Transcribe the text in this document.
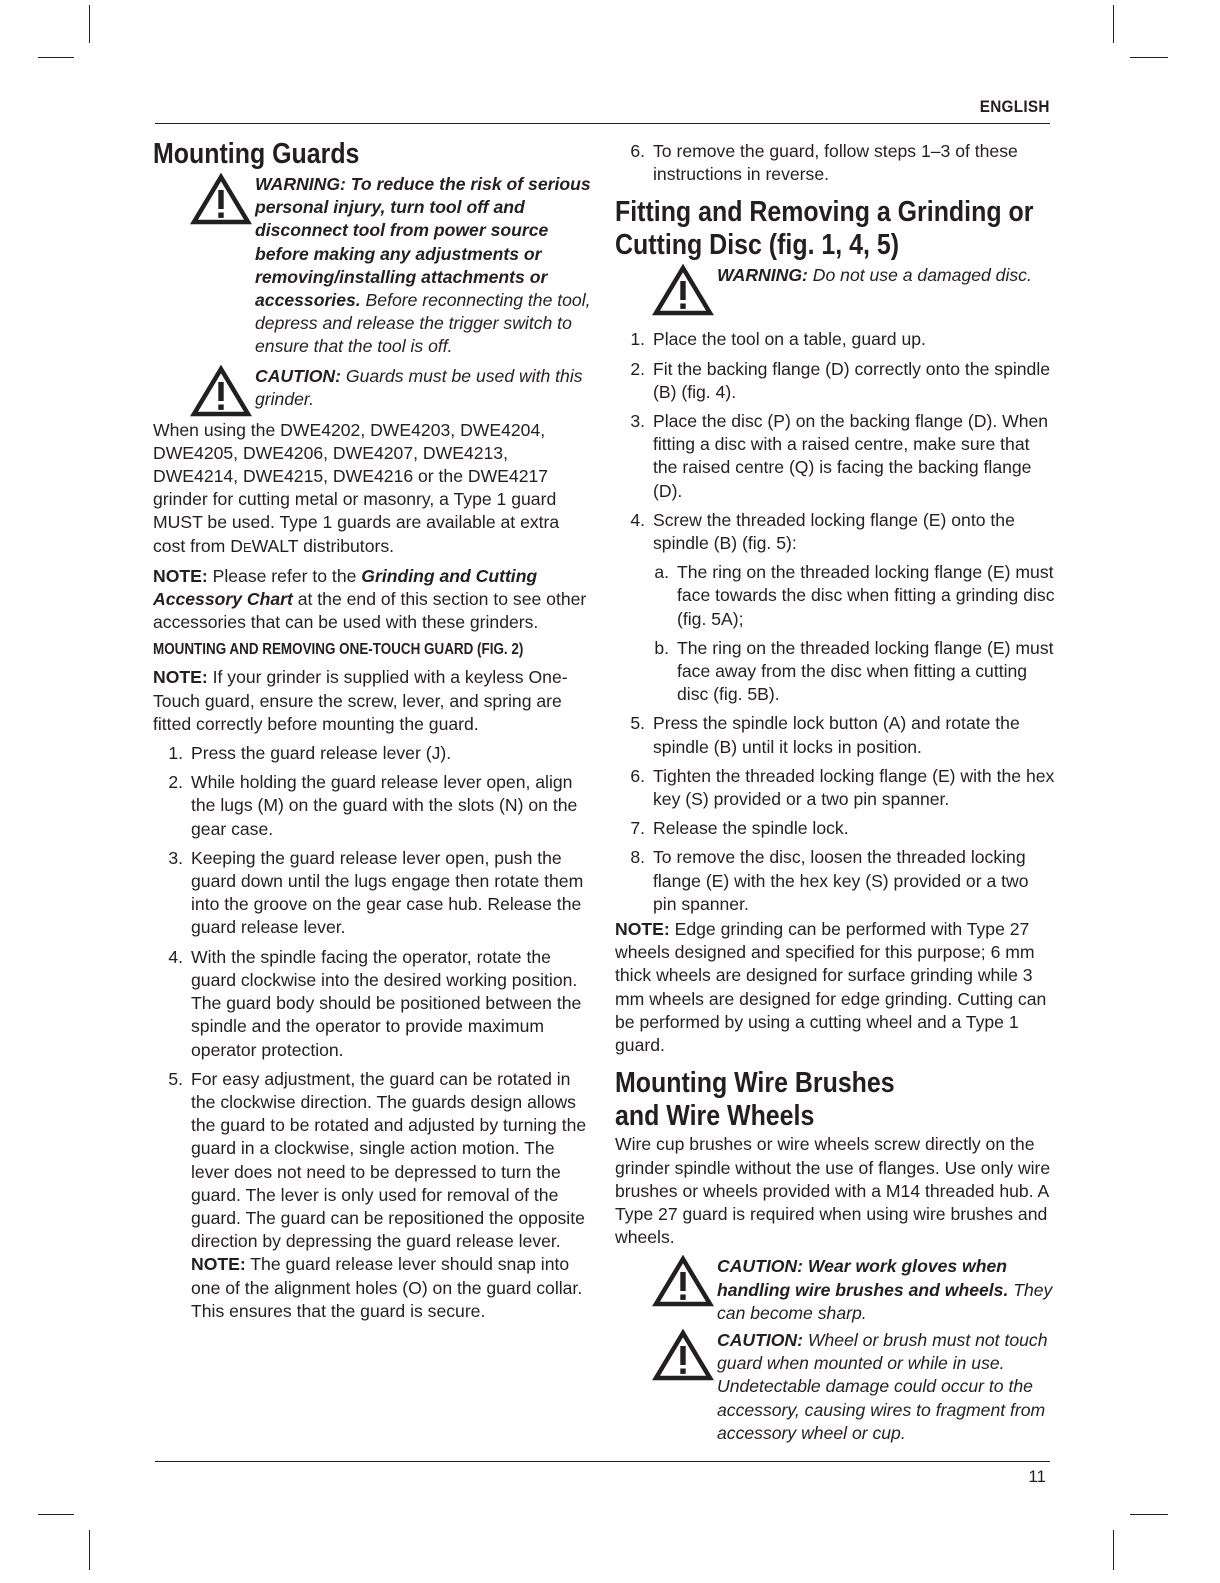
ENGLISH
Mounting Guards
WARNING: To reduce the risk of serious personal injury, turn tool off and disconnect tool from power source before making any adjustments or removing/installing attachments or accessories. Before reconnecting the tool, depress and release the trigger switch to ensure that the tool is off.
CAUTION: Guards must be used with this grinder.

When using the DWE4202, DWE4203, DWE4204, DWE4205, DWE4206, DWE4207, DWE4213, DWE4214, DWE4215, DWE4216 or the DWE4217 grinder for cutting metal or masonry, a Type 1 guard MUST be used. Type 1 guards are available at extra cost from DEWALT distributors.

NOTE: Please refer to the Grinding and Cutting Accessory Chart at the end of this section to see other accessories that can be used with these grinders.

MOUNTING AND REMOVING ONE-TOUCH GUARD (FIG. 2)

NOTE: If your grinder is supplied with a keyless One-Touch guard, ensure the screw, lever, and spring are fitted correctly before mounting the guard.

1. Press the guard release lever (J).
2. While holding the guard release lever open, align the lugs (M) on the guard with the slots (N) on the gear case.
3. Keeping the guard release lever open, push the guard down until the lugs engage then rotate them into the groove on the gear case hub. Release the guard release lever.
4. With the spindle facing the operator, rotate the guard clockwise into the desired working position. The guard body should be positioned between the spindle and the operator to provide maximum operator protection.
5. For easy adjustment, the guard can be rotated in the clockwise direction. The guards design allows the guard to be rotated and adjusted by turning the guard in a clockwise, single action motion. The lever does not need to be depressed to turn the guard. The lever is only used for removal of the guard. The guard can be repositioned the opposite direction by depressing the guard release lever. NOTE: The guard release lever should snap into one of the alignment holes (O) on the guard collar. This ensures that the guard is secure.
6. To remove the guard, follow steps 1–3 of these instructions in reverse.
Fitting and Removing a Grinding or
Cutting Disc (fig. 1, 4, 5)
WARNING: Do not use a damaged disc.
1. Place the tool on a table, guard up.
2. Fit the backing flange (D) correctly onto the spindle (B) (fig. 4).
3. Place the disc (P) on the backing flange (D). When fitting a disc with a raised centre, make sure that the raised centre (Q) is facing the backing flange (D).
4. Screw the threaded locking flange (E) onto the spindle (B) (fig. 5):
a. The ring on the threaded locking flange (E) must face towards the disc when fitting a grinding disc (fig. 5A);
b. The ring on the threaded locking flange (E) must face away from the disc when fitting a cutting disc (fig. 5B).
5. Press the spindle lock button (A) and rotate the spindle (B) until it locks in position.
6. Tighten the threaded locking flange (E) with the hex key (S) provided or a two pin spanner.
7. Release the spindle lock.
8. To remove the disc, loosen the threaded locking flange (E) with the hex key (S) provided or a two pin spanner.

NOTE: Edge grinding can be performed with Type 27 wheels designed and specified for this purpose; 6 mm thick wheels are designed for surface grinding while 3 mm wheels are designed for edge grinding. Cutting can be performed by using a cutting wheel and a Type 1 guard.

Mounting Wire Brushes
and Wire Wheels

Wire cup brushes or wire wheels screw directly on the grinder spindle without the use of flanges. Use only wire brushes or wheels provided with a M14 threaded hub. A Type 27 guard is required when using wire brushes and wheels.

CAUTION: Wear work gloves when handling wire brushes and wheels. They can become sharp.
CAUTION: Wheel or brush must not touch guard when mounted or while in use. Undetectable damage could occur to the accessory, causing wires to fragment from accessory wheel or cup.
11
